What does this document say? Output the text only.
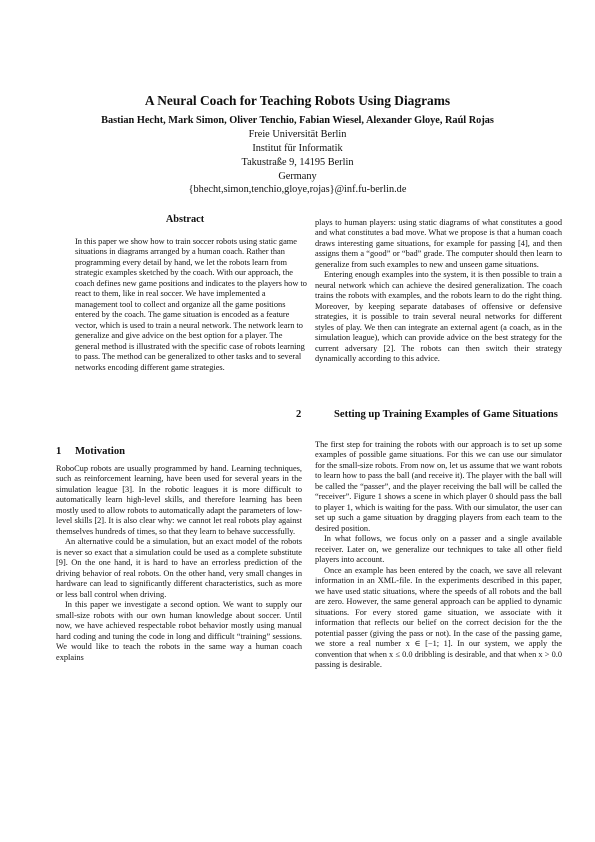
A Neural Coach for Teaching Robots Using Diagrams
Bastian Hecht, Mark Simon, Oliver Tenchio, Fabian Wiesel, Alexander Gloye, Raúl Rojas
Freie Universität Berlin
Institut für Informatik
Takustraße 9, 14195 Berlin
Germany
{bhecht,simon,tenchio,gloye,rojas}@inf.fu-berlin.de
Abstract

In this paper we show how to train soccer robots using static game situations in diagrams arranged by a human coach. Rather than programming every detail by hand, we let the robots learn from strategic examples sketched by the coach. With our approach, the coach defines new game positions and indicates to the players how to react to them, like in real soccer. We have implemented a management tool to collect and organize all the game positions entered by the coach. The game situation is encoded as a feature vector, which is used to train a neural network. The network learn to generalize and give advice on the best option for a player. The general method is illustrated with the specific case of robots learning to pass. The method can be generalized to other tasks and to several networks encoding different game strategies.

1 Motivation

RoboCup robots are usually programmed by hand. Learning techniques, such as reinforcement learning, have been used for several years in the simulation league [3]. In the robotic leagues it is more difficult to automatically learn high-level skills, and therefore learning has been mostly used to allow robots to automatically adapt the parameters of low-level skills [2]. It is also clear why: we cannot let real robots play against themselves hundreds of times, so that they learn to behave successfully.

An alternative could be a simulation, but an exact model of the robots is never so exact that a simulation could be used as a complete substitute [9]. On the one hand, it is hard to have an errorless prediction of the driving behavior of real robots. On the other hand, very small changes in hardware can lead to significantly different characteristics, such as more or less ball control when driving.

In this paper we investigate a second option. We want to supply our small-size robots with our own human knowledge about soccer. Until now, we have achieved respectable robot behavior mostly using manual hard coding and tuning the code in long and difficult “training” sessions. We would like to teach the robots in the same way a human coach explains

plays to human players: using static diagrams of what constitutes a good and what constitutes a bad move. What we propose is that a human coach draws interesting game situations, for example for passing [4], and then assigns them a “good” or “bad” grade. The computer should then learn to generalize from such examples to new and unseen game situations.

Entering enough examples into the system, it is then possible to train a neural network which can achieve the desired generalization. The coach trains the robots with examples, and the robots learn to do the right thing. Moreover, by keeping separate databases of offensive or defensive strategies, it is possible to train several neural networks for different styles of play. We then can integrate an external agent (a coach, as in the simulation league), which can provide advice on the best strategy for the current adversary [2]. The robots can then switch their strategy dynamically according to this advice.

2	Setting up Training Examples of Game Situations

The first step for training the robots with our approach is to set up some examples of possible game situations. For this we can use our simulator for the small-size robots. From now on, let us assume that we want robots to learn how to pass the ball (and receive it). The player with the ball will be called the “passer”, and the player receiving the ball will be called the “receiver”. Figure 1 shows a scene in which player 0 should pass the ball to player 1, which is waiting for the pass. With our simulator, the user can set up such a game situation by dragging players from each team to the desired position.

In what follows, we focus only on a passer and a single available receiver. Later on, we generalize our techniques to take all other field players into account.

Once an example has been entered by the coach, we save all relevant information in an XML-file. In the experiments described in this paper, we have used static situations, where the speeds of all robots and the ball are zero. However, the same general approach can be applied to dynamic situations. For every stored game situation, we associate with it information that reflects our belief on the correct decision for the the potential passer (giving the pass or not). In the case of the passing game, we store a real number x ∈ [−1; 1]. In our system, we apply the convention that when x ≤ 0.0 dribbling is desirable, and that when x > 0.0 passing is desirable.
